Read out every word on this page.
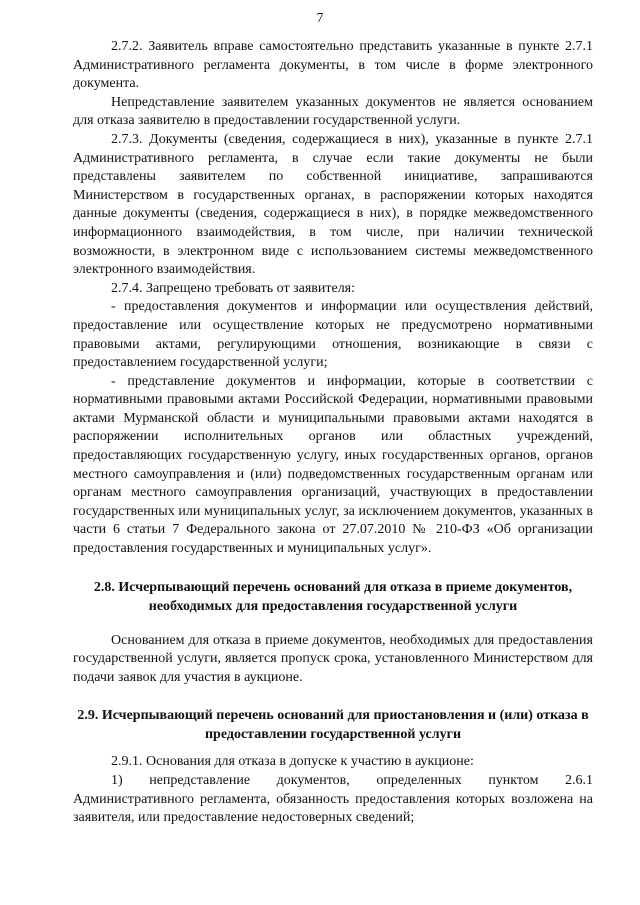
7

2.7.2. Заявитель вправе самостоятельно представить указанные в пункте 2.7.1 Административного регламента документы, в том числе в форме электронного документа.

Непредставление заявителем указанных документов не является основанием для отказа заявителю в предоставлении государственной услуги.

2.7.3. Документы (сведения, содержащиеся в них), указанные в пункте 2.7.1 Административного регламента, в случае если такие документы не были представлены заявителем по собственной инициативе, запрашиваются Министерством в государственных органах, в распоряжении которых находятся данные документы (сведения, содержащиеся в них), в порядке межведомственного информационного взаимодействия, в том числе, при наличии технической возможности, в электронном виде с использованием системы межведомственного электронного взаимодействия.

2.7.4. Запрещено требовать от заявителя:

- предоставления документов и информации или осуществления действий, предоставление или осуществление которых не предусмотрено нормативными правовыми актами, регулирующими отношения, возникающие в связи с предоставлением государственной услуги;

- представление документов и информации, которые в соответствии с нормативными правовыми актами Российской Федерации, нормативными правовыми актами Мурманской области и муниципальными правовыми актами находятся в распоряжении исполнительных органов или областных учреждений, предоставляющих государственную услугу, иных государственных органов, органов местного самоуправления и (или) подведомственных государственным органам или органам местного самоуправления организаций, участвующих в предоставлении государственных или муниципальных услуг, за исключением документов, указанных в части 6 статьи 7 Федерального закона от 27.07.2010 № 210-ФЗ «Об организации предоставления государственных и муниципальных услуг».

2.8. Исчерпывающий перечень оснований для отказа в приеме документов, необходимых для предоставления государственной услуги

Основанием для отказа в приеме документов, необходимых для предоставления государственной услуги, является пропуск срока, установленного Министерством для подачи заявок для участия в аукционе.

2.9. Исчерпывающий перечень оснований для приостановления и (или) отказа в предоставлении государственной услуги

2.9.1. Основания для отказа в допуске к участию в аукционе:

1) непредставление документов, определенных пунктом 2.6.1 Административного регламента, обязанность предоставления которых возложена на заявителя, или предоставление недостоверных сведений;
